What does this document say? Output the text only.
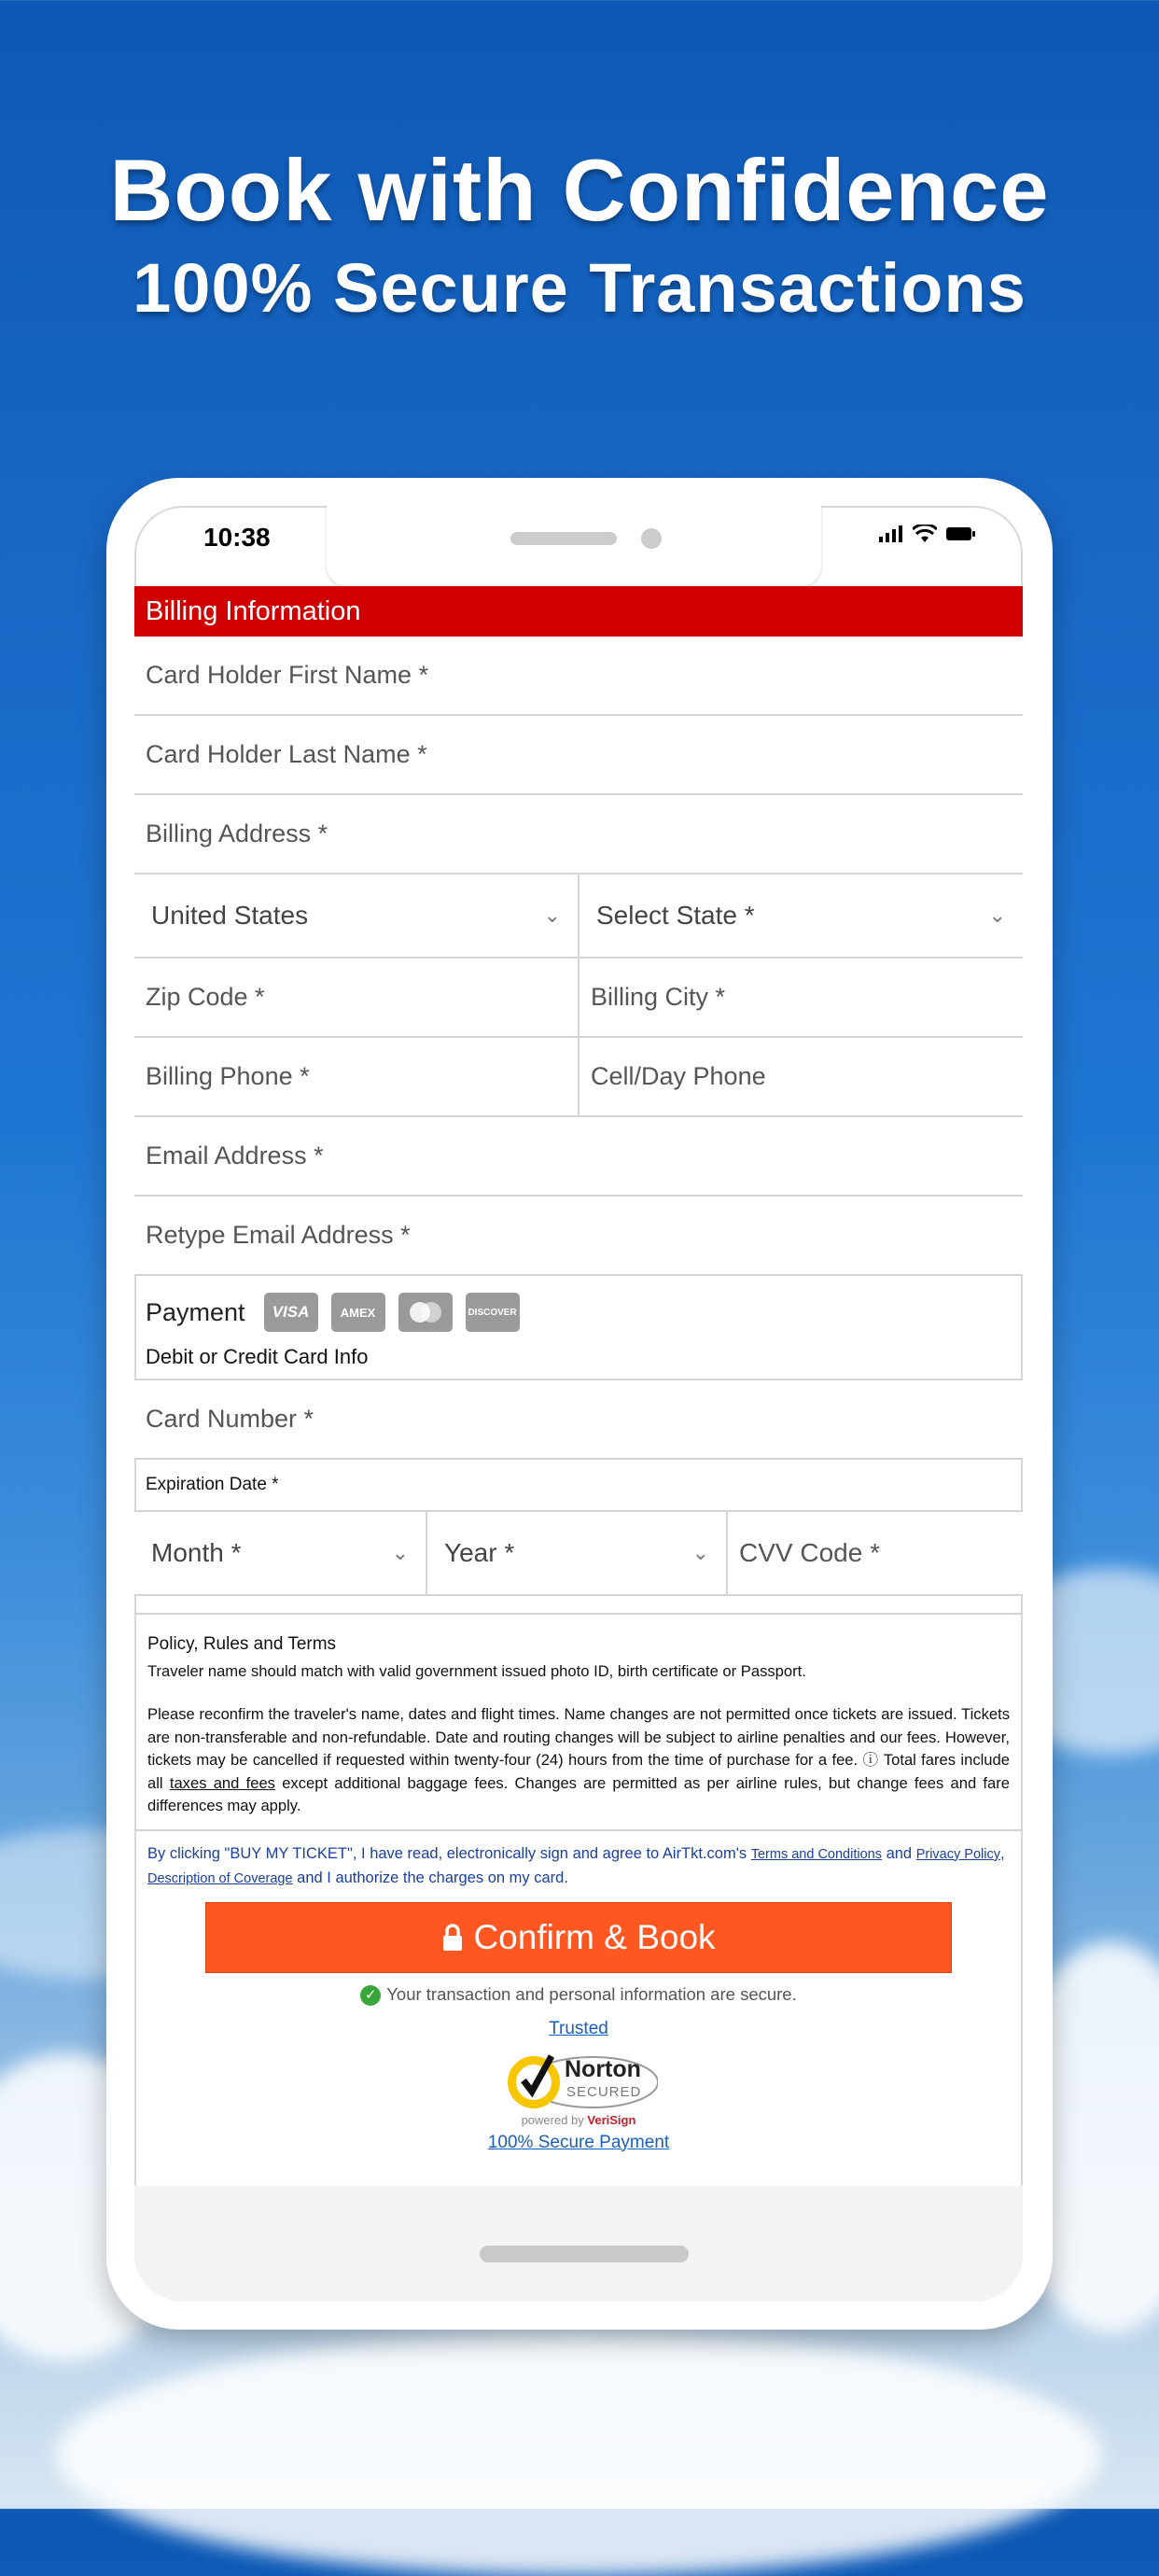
Book with Confidence
100% Secure Transactions
10:38
Billing Information
Card Holder First Name *
Card Holder Last Name *
Billing Address *
United States	⌄	Select State *	⌄
Zip Code *	Billing City *
Billing Phone *	Cell/Day Phone
Email Address *
Retype Email Address *
Payment	VISA	AMEX	DISCOVER
Debit or Credit Card Info
Card Number *
Expiration Date *
Month *	⌄	Year *	⌄	CVV Code *
Policy, Rules and Terms
Traveler name should match with valid government issued photo ID, birth certificate or Passport.
Please reconfirm the traveler's name, dates and flight times. Name changes are not permitted once tickets are issued. Tickets are non-transferable and non-refundable. Date and routing changes will be subject to airline penalties and our fees. However, tickets may be cancelled if requested within twenty-four (24) hours from the time of purchase for a fee. ⓘ Total fares include all taxes and fees except additional baggage fees. Changes are permitted as per airline rules, but change fees and fare differences may apply.
By clicking "BUY MY TICKET", I have read, electronically sign and agree to AirTkt.com's Terms and Conditions and Privacy Policy, Description of Coverage and I authorize the charges on my card.
Confirm & Book
✓ Your transaction and personal information are secure.
Trusted
Norton
SECURED
powered by VeriSign
100% Secure Payment
